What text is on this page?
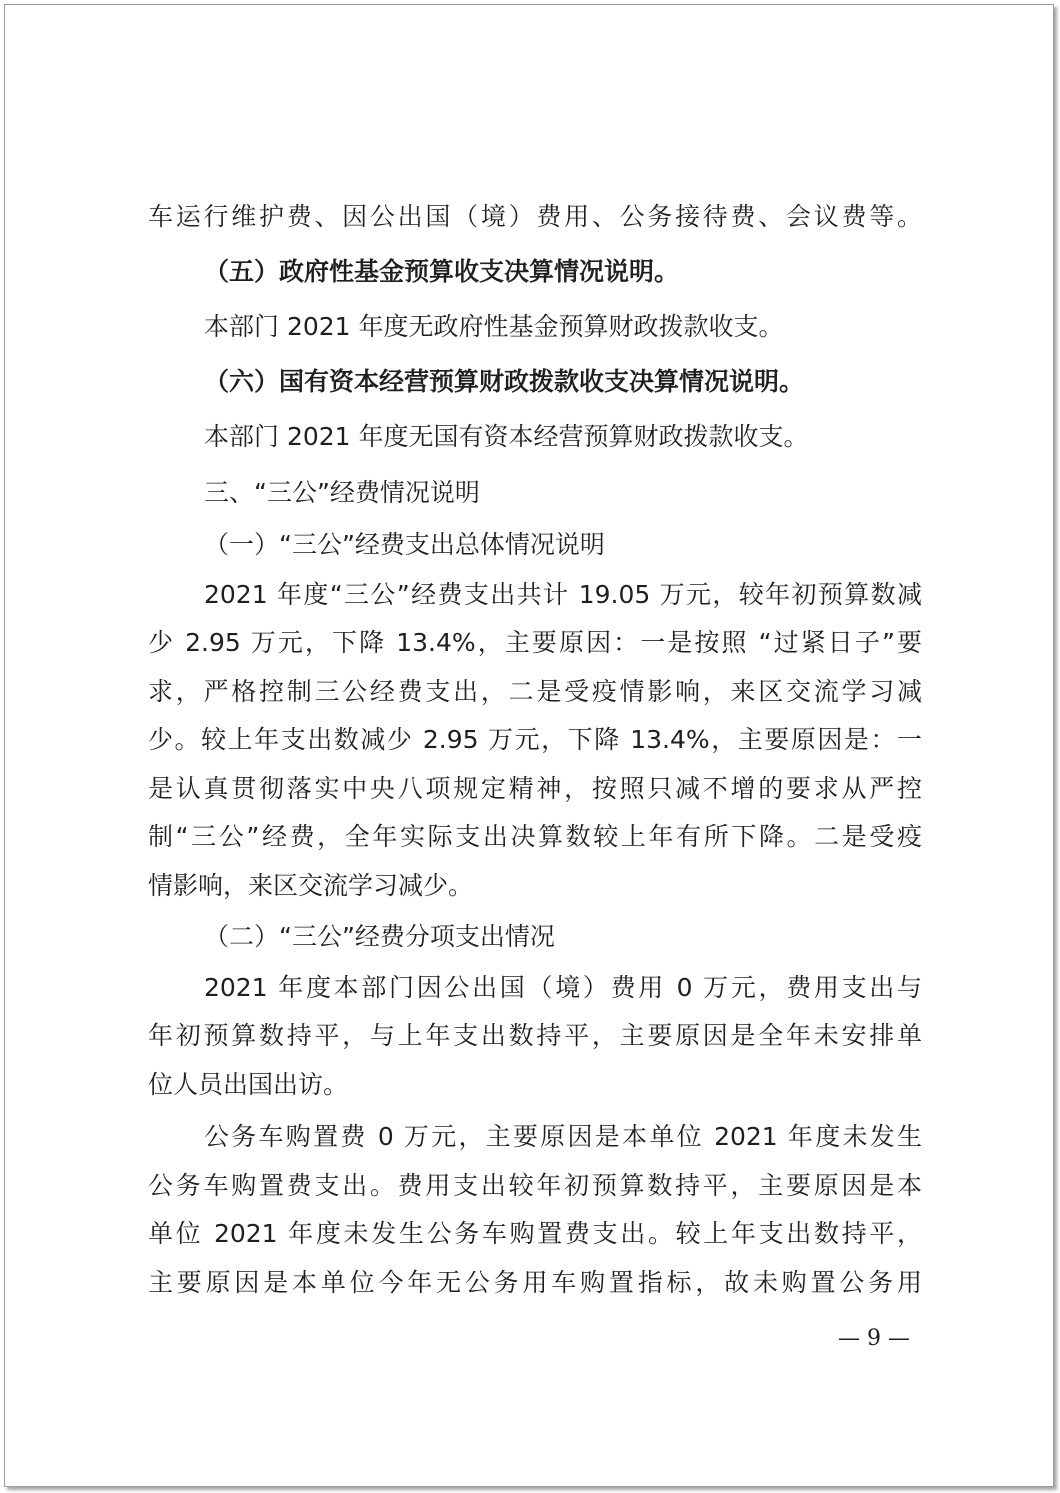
车运行维护费、因公出国（境）费用、公务接待费、会议费等。
（五）政府性基金预算收支决算情况说明。
本部门 2021 年度无政府性基金预算财政拨款收支。
（六）国有资本经营预算财政拨款收支决算情况说明。
本部门 2021 年度无国有资本经营预算财政拨款收支。
三、“三公”经费情况说明
（一）“三公”经费支出总体情况说明
2021 年度“三公”经费支出共计 19.05 万元，较年初预算数减
少 2.95 万元，下降 13.4%，主要原因：一是按照 “过紧日子”要
求，严格控制三公经费支出，二是受疫情影响，来区交流学习减
少。较上年支出数减少 2.95 万元，下降 13.4%，主要原因是：一
是认真贯彻落实中央八项规定精神，按照只减不增的要求从严控
制“三公”经费，全年实际支出决算数较上年有所下降。二是受疫
情影响，来区交流学习减少。
（二）“三公”经费分项支出情况
2021 年度本部门因公出国（境）费用 0 万元，费用支出与
年初预算数持平，与上年支出数持平，主要原因是全年未安排单
位人员出国出访。
公务车购置费 0 万元，主要原因是本单位 2021 年度未发生
公务车购置费支出。费用支出较年初预算数持平，主要原因是本
单位 2021 年度未发生公务车购置费支出。较上年支出数持平，
主要原因是本单位今年无公务用车购置指标，故未购置公务用
— 9 —
